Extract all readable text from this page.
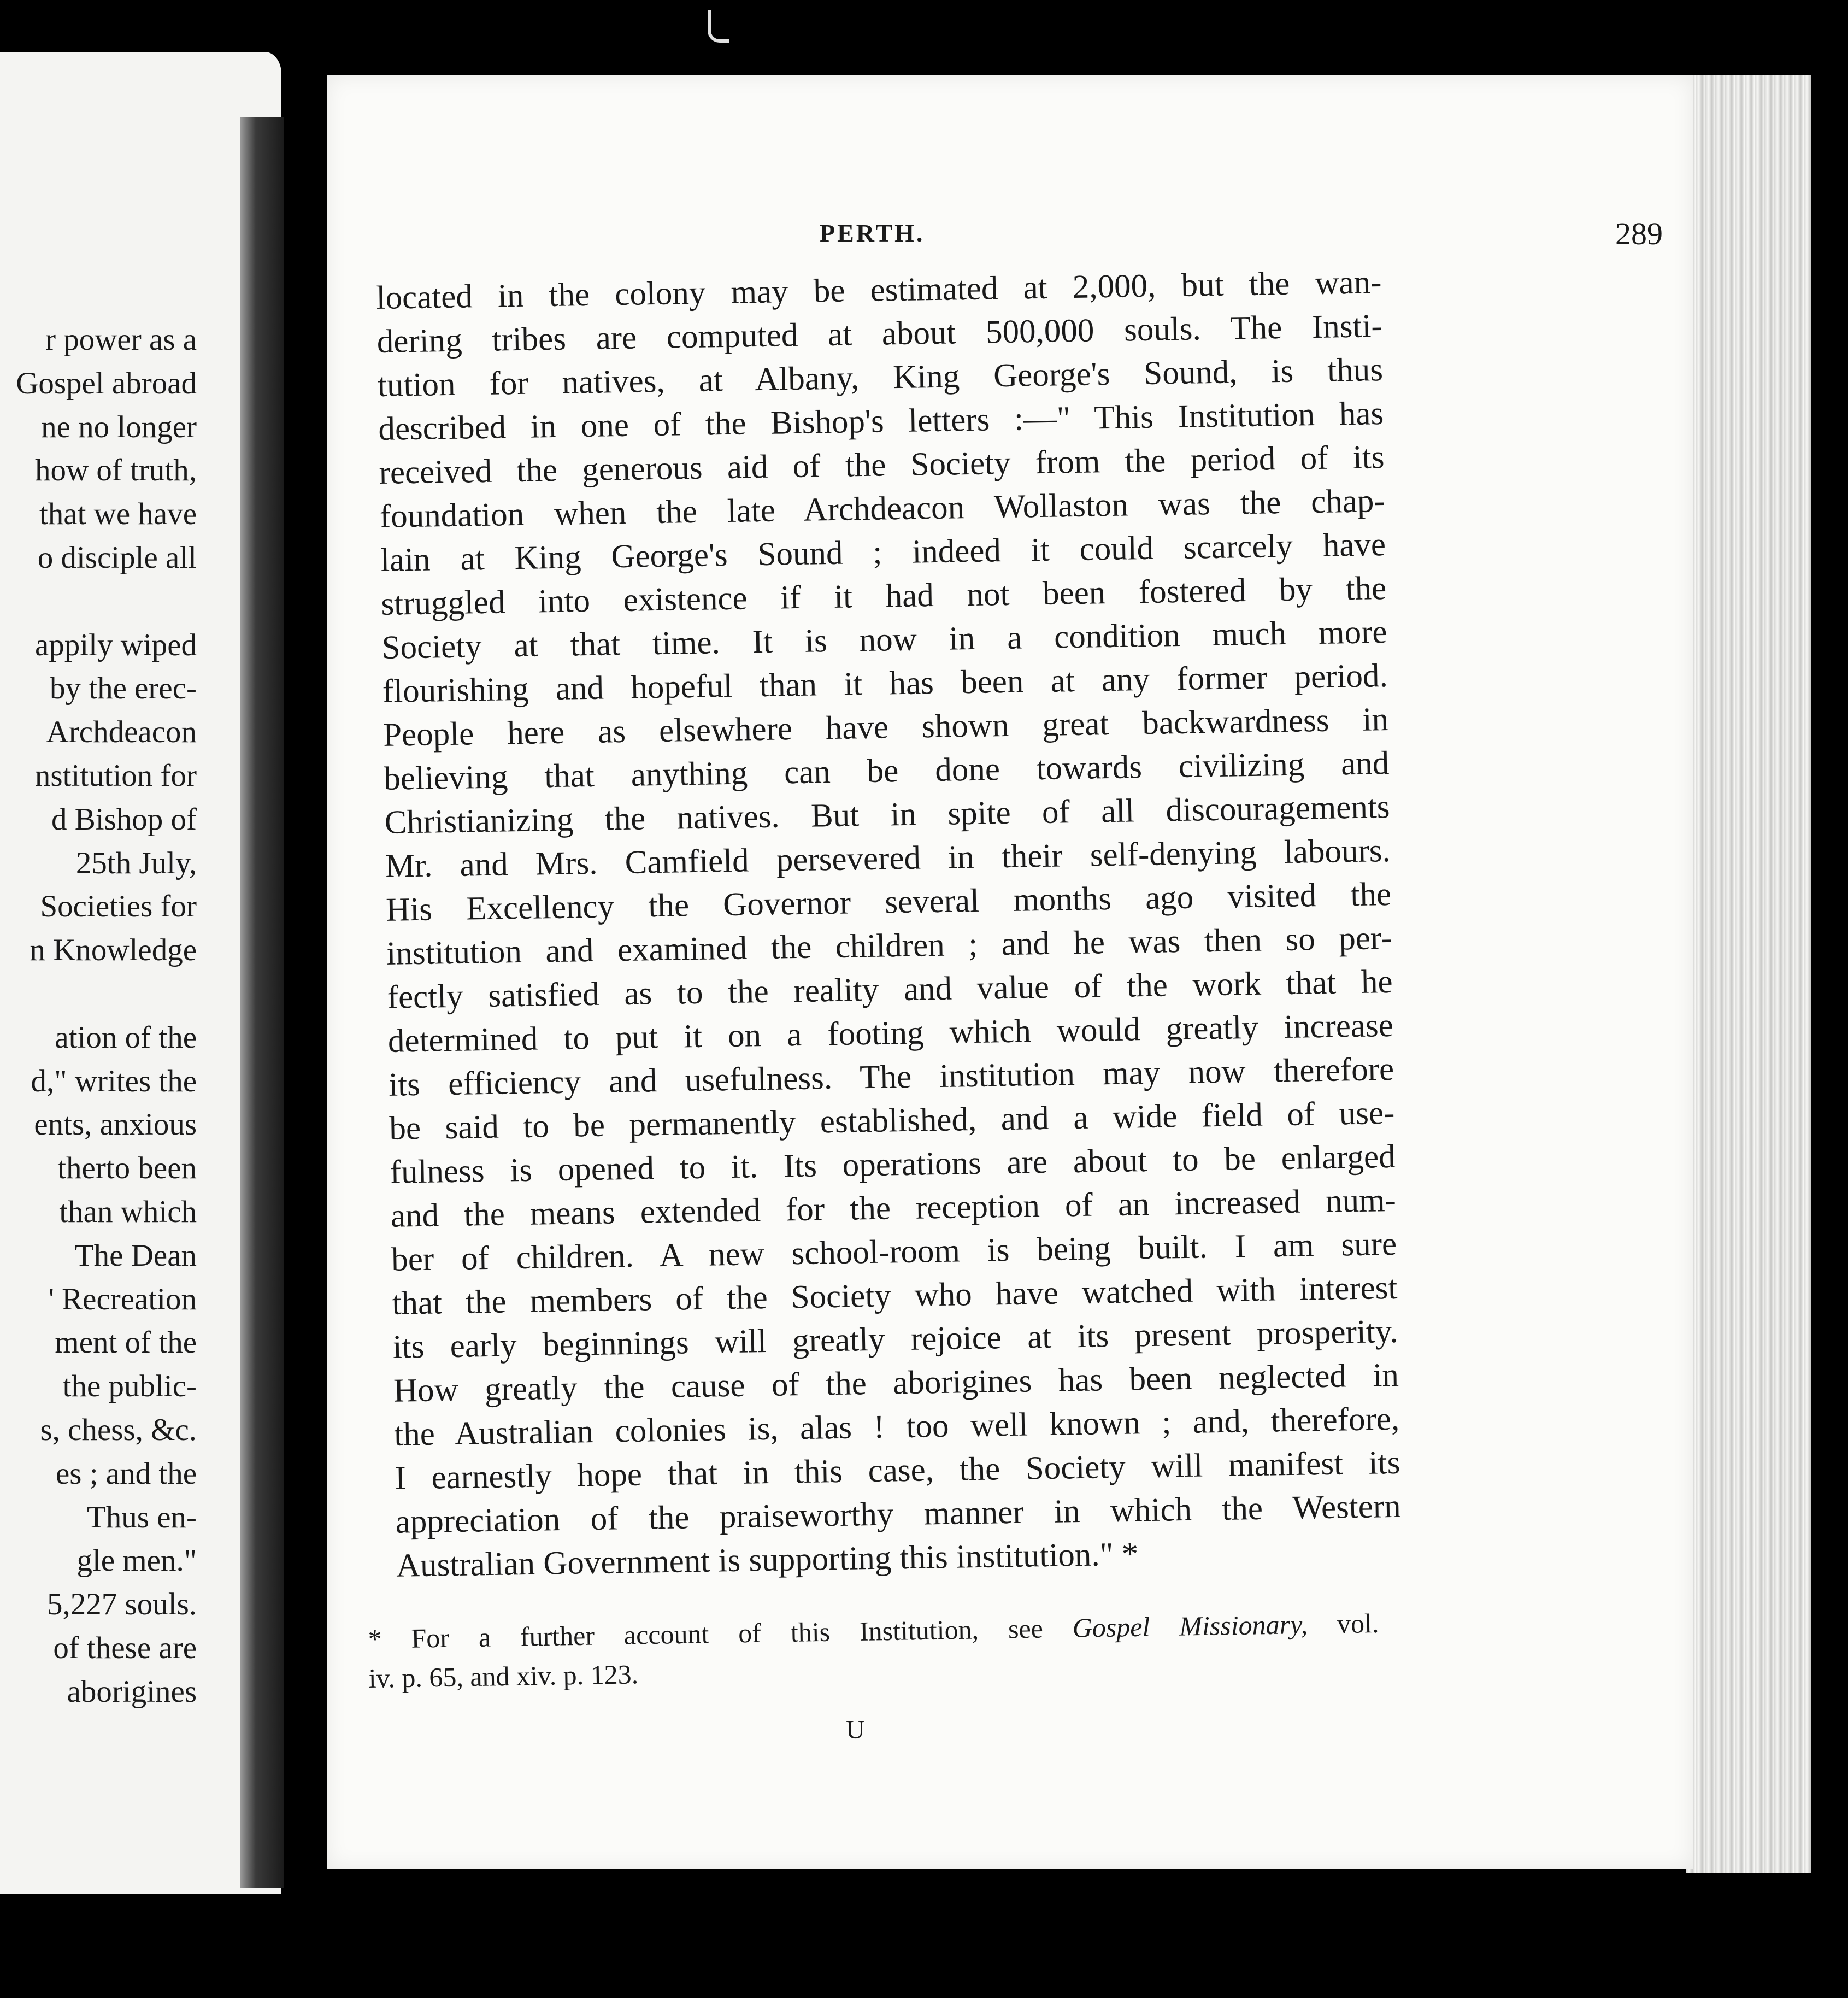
r power as a
Gospel abroad
ne no longer
how of truth,
that we have
o disciple all
appily wiped
by the erec-
Archdeacon
nstitution for
d Bishop of
25th July,
Societies for
n Knowledge
ation of the
d," writes the
ents, anxious
therto been
than which
The Dean
' Recreation
ment of the
the public-
s, chess, &c.
es ; and the
Thus en-
gle men."
5,227 souls.
of these are
aborigines
PERTH.	289
located in the colony may be estimated at 2,000, but the wan-
dering tribes are computed at about 500,000 souls. The Insti-
tution for natives, at Albany, King George's Sound, is thus
described in one of the Bishop's letters :—" This Institution has
received the generous aid of the Society from the period of its
foundation when the late Archdeacon Wollaston was the chap-
lain at King George's Sound ; indeed it could scarcely have
struggled into existence if it had not been fostered by the
Society at that time. It is now in a condition much more
flourishing and hopeful than it has been at any former period.
People here as elsewhere have shown great backwardness in
believing that anything can be done towards civilizing and
Christianizing the natives. But in spite of all discouragements
Mr. and Mrs. Camfield persevered in their self-denying labours.
His Excellency the Governor several months ago visited the
institution and examined the children ; and he was then so per-
fectly satisfied as to the reality and value of the work that he
determined to put it on a footing which would greatly increase
its efficiency and usefulness. The institution may now therefore
be said to be permanently established, and a wide field of use-
fulness is opened to it. Its operations are about to be enlarged
and the means extended for the reception of an increased num-
ber of children. A new school-room is being built. I am sure
that the members of the Society who have watched with interest
its early beginnings will greatly rejoice at its present prosperity.
How greatly the cause of the aborigines has been neglected in
the Australian colonies is, alas ! too well known ; and, therefore,
I earnestly hope that in this case, the Society will manifest its
appreciation of the praiseworthy manner in which the Western
Australian Government is supporting this institution." *
* For a further account of this Institution, see Gospel Missionary, vol.
iv. p. 65, and xiv. p. 123.
U
